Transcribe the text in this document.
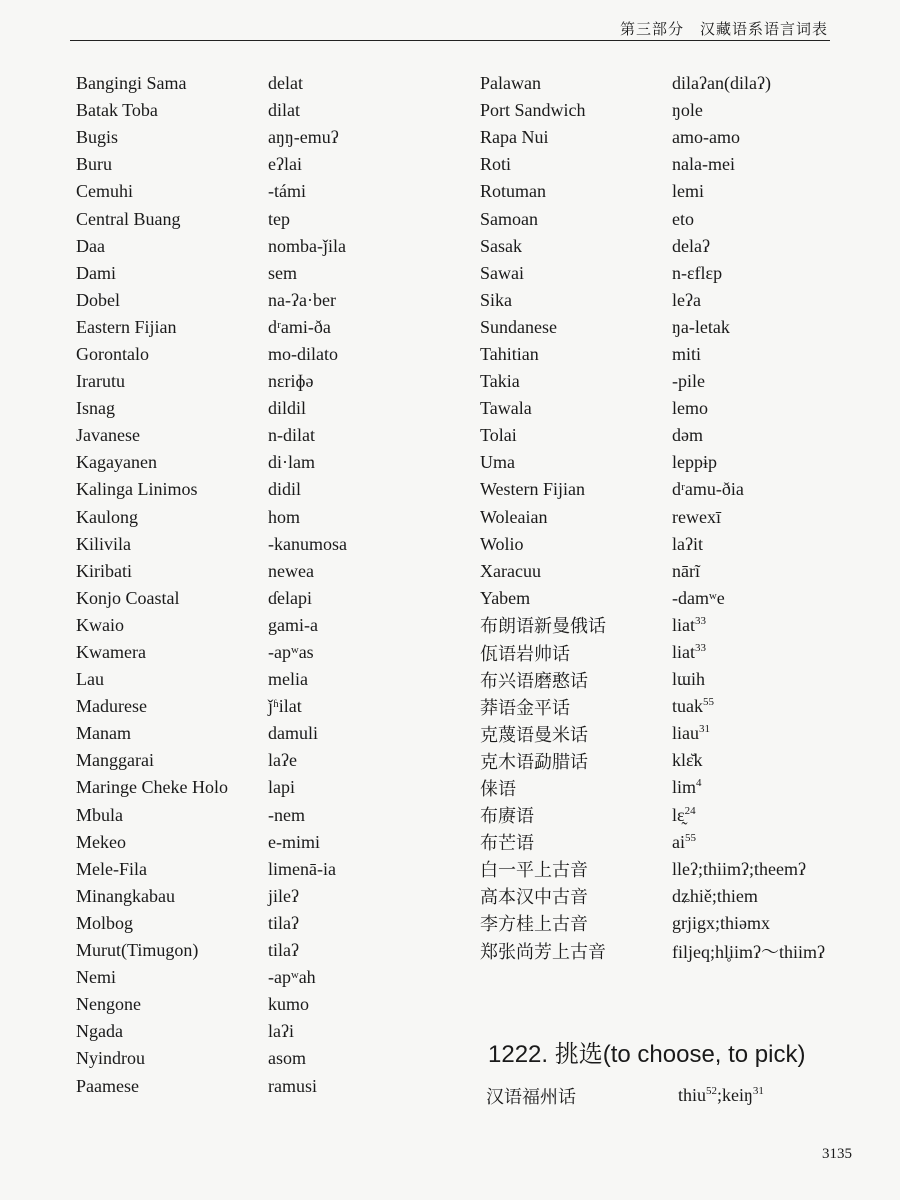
第三部分　汉藏语系语言词表
Bangingi Sama	delat
Batak Toba	dilat
Bugis	aŋŋ-emuʔ
Buru	eʔlai
Cemuhi	-támi
Central Buang	tep
Daa	nomba-ǰila
Dami	sem
Dobel	na-ʔa·ber
Eastern Fijian	dʳami-ða
Gorontalo	mo-dilato
Irarutu	nɛriɸə
Isnag	dildil
Javanese	n-dilat
Kagayanen	di·lam
Kalinga Linimos	didil
Kaulong	hom
Kilivila	-kanumosa
Kiribati	newea
Konjo Coastal	ɗelapi
Kwaio	gami-a
Kwamera	-apʷas
Lau	melia
Madurese	ǰʱilat
Manam	damuli
Manggarai	laʔe
Maringe Cheke Holo	lapi
Mbula	-nem
Mekeo	e-mimi
Mele-Fila	limenā-ia
Minangkabau	jileʔ
Molbog	tilaʔ
Murut(Timugon)	tilaʔ
Nemi	-apʷah
Nengone	kumo
Ngada	laʔi
Nyindrou	asom
Paamese	ramusi
Palawan	dilaʔan(dilaʔ)
Port Sandwich	ŋole
Rapa Nui	amo-amo
Roti	nala-mei
Rotuman	lemi
Samoan	eto
Sasak	delaʔ
Sawai	n-ɛflɛp
Sika	leʔa
Sundanese	ŋa-letak
Tahitian	miti
Takia	-pile
Tawala	lemo
Tolai	dəm
Uma	leppɨp
Western Fijian	dʳamu-ðia
Woleaian	rewexī
Wolio	laʔit
Xaracuu	nārĩ
Yabem	-damʷe
布朗语新曼俄话	liat$^{33}$
佤语岩帅话	liat$^{33}$
布兴语磨憨话	lɯih
莽语金平话	tuak$^{55}$
克蔑语曼米话	liau$^{31}$
克木语勐腊话	klɛ̆k
俫语	$\lim^4$
布赓语	lɛ̰$^{24}$
布芒语	$ai^{55}$
白一平上古音	lleʔ;thiimʔ;theemʔ
高本汉中古音	dʑhiě;thiem
李方桂上古音	grjigx;thiəmx
郑张尚芳上古音	filjeq;hl̥iimʔ～thiimʔ
1222. 挑选(to choose, to pick)
汉语福州话	thiu$^{52}$;keiŋ$^{31}$
3135
